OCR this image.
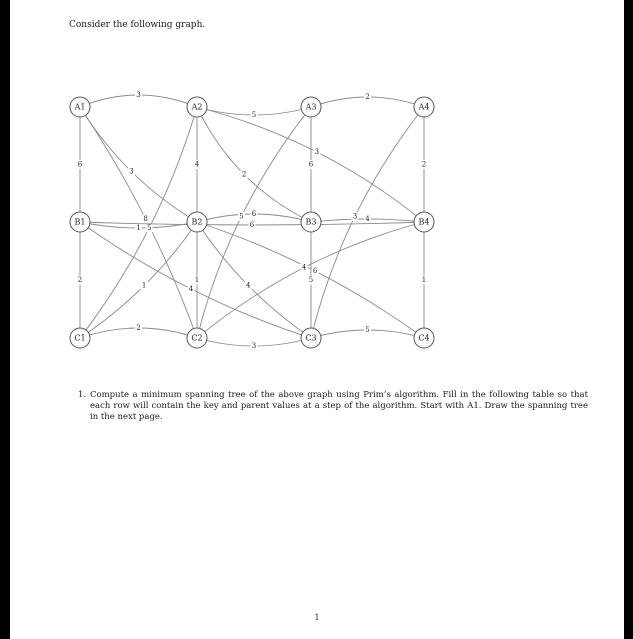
Consider the following graph.

3
5
2
6	4	6	2
2	1	5	1
1
6
4
2
3
5
3
8
5
2
5
3
4
1
6
4
6
4
3
A1	A2	A3	A4
B1	B2	B3	B4
C1	C2	C3	C4
1. Compute a minimum spanning tree of the above graph using Prim’s algorithm. Fill in the following table so that each row will contain the key and parent values at a step of the algorithm. Start with A1. Draw the spanning tree in the next page.

1
